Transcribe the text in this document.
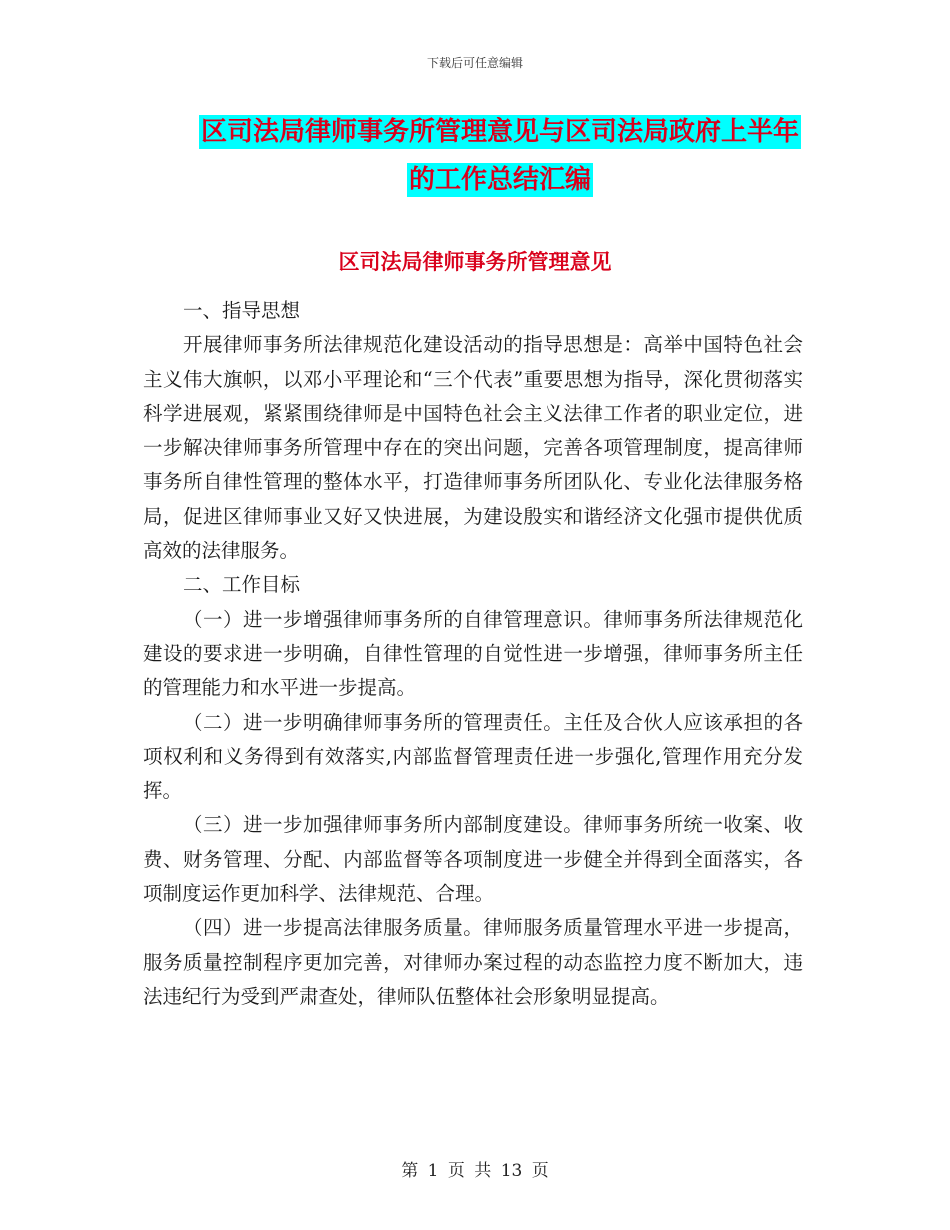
下载后可任意编辑
区司法局律师事务所管理意见与区司法局政府上半年
的工作总结汇编
区司法局律师事务所管理意见

一、指导思想

开展律师事务所法律规范化建设活动的指导思想是：高举中国特色社会主义伟大旗帜，以邓小平理论和“三个代表”重要思想为指导，深化贯彻落实科学进展观，紧紧围绕律师是中国特色社会主义法律工作者的职业定位，进一步解决律师事务所管理中存在的突出问题，完善各项管理制度，提高律师事务所自律性管理的整体水平，打造律师事务所团队化、专业化法律服务格局，促进区律师事业又好又快进展，为建设殷实和谐经济文化强市提供优质高效的法律服务。

二、工作目标

（一）进一步增强律师事务所的自律管理意识。律师事务所法律规范化建设的要求进一步明确，自律性管理的自觉性进一步增强，律师事务所主任的管理能力和水平进一步提高。

（二）进一步明确律师事务所的管理责任。主任及合伙人应该承担的各项权利和义务得到有效落实,内部监督管理责任进一步强化,管理作用充分发挥。

（三）进一步加强律师事务所内部制度建设。律师事务所统一收案、收费、财务管理、分配、内部监督等各项制度进一步健全并得到全面落实，各项制度运作更加科学、法律规范、合理。

（四）进一步提高法律服务质量。律师服务质量管理水平进一步提高，服务质量控制程序更加完善，对律师办案过程的动态监控力度不断加大，违法违纪行为受到严肃查处，律师队伍整体社会形象明显提高。

第 1 页 共 13 页
